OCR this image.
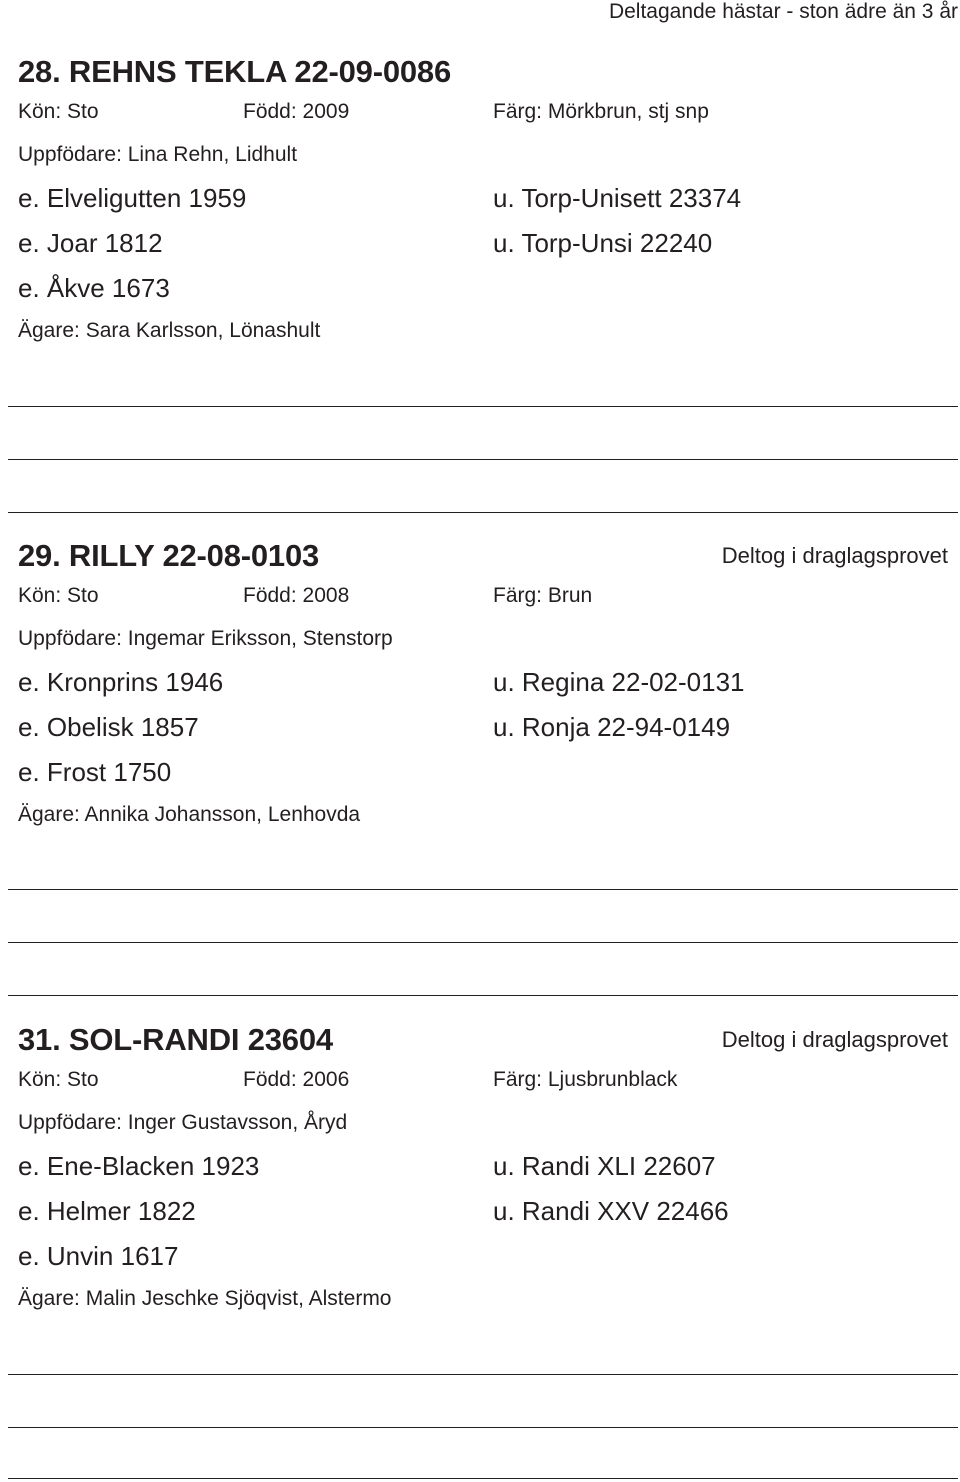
Deltagande hästar - ston ädre än 3 år
28. REHNS TEKLA 22-09-0086
Kön: Sto	Född: 2009	Färg: Mörkbrun, stj snp
Uppfödare: Lina Rehn, Lidhult
e. Elveligutten 1959	u. Torp-Unisett 23374
e. Joar 1812	u. Torp-Unsi 22240
e. Åkve 1673
Ägare: Sara Karlsson, Lönashult
29. RILLY 22-08-0103	Deltog i draglagsprovet
Kön: Sto	Född: 2008	Färg: Brun
Uppfödare: Ingemar Eriksson, Stenstorp
e. Kronprins 1946	u. Regina 22-02-0131
e. Obelisk 1857	u. Ronja 22-94-0149
e. Frost 1750
Ägare: Annika Johansson, Lenhovda
31. SOL-RANDI 23604	Deltog i draglagsprovet
Kön: Sto	Född: 2006	Färg: Ljusbrunblack
Uppfödare: Inger Gustavsson, Åryd
e. Ene-Blacken 1923	u. Randi XLI 22607
e. Helmer 1822	u. Randi XXV 22466
e. Unvin 1617
Ägare: Malin Jeschke Sjöqvist, Alstermo
